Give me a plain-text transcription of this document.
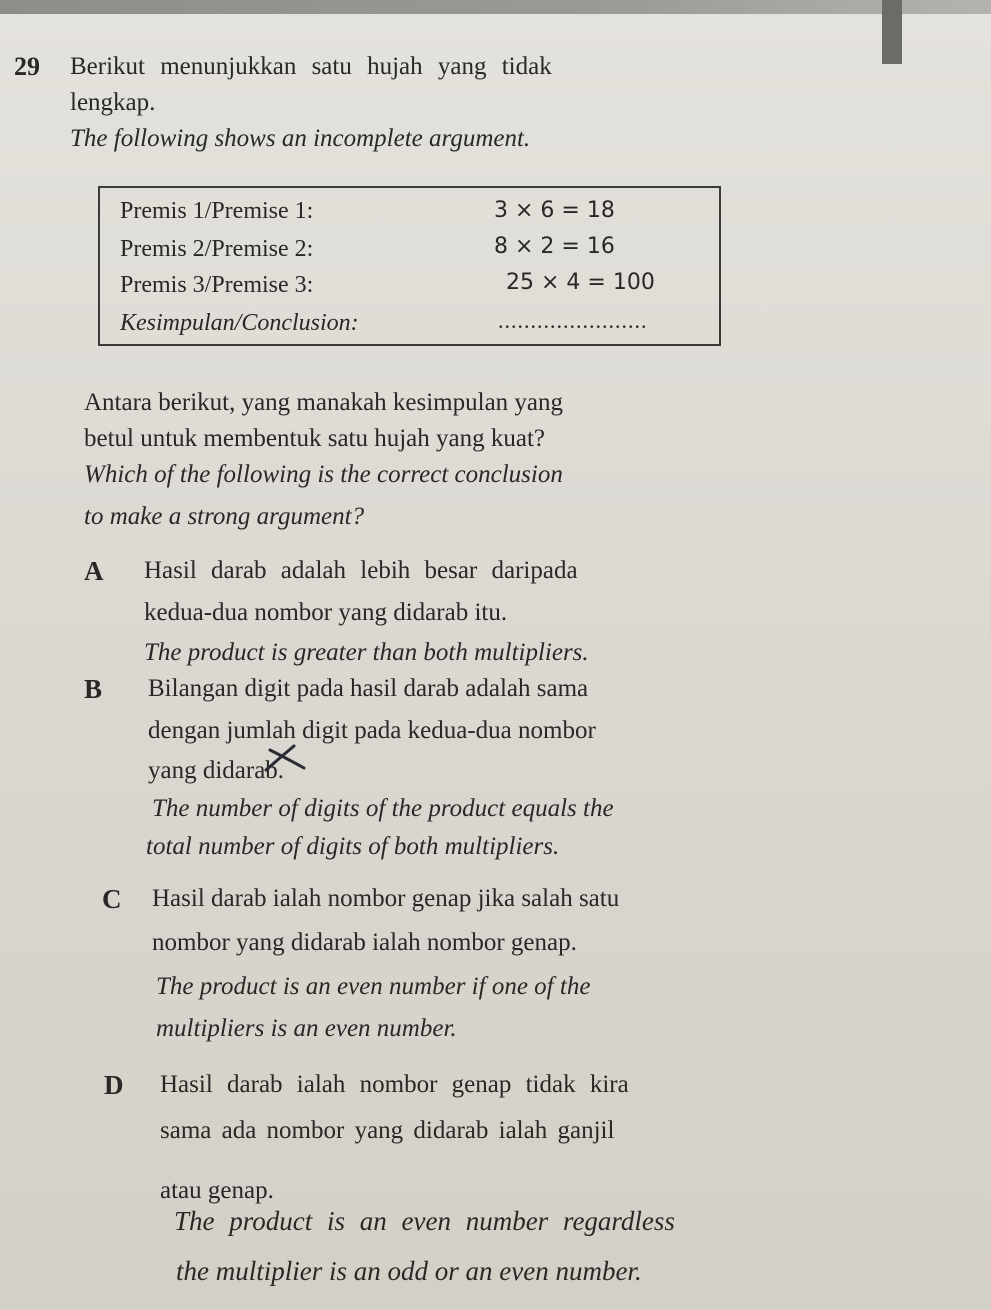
29 Berikut menunjukkan satu hujah yang tidak
lengkap.
The following shows an incomplete argument.
Premis 1/Premise 1:	3 × 6 = 18
Premis 2/Premise 2:	8 × 2 = 16
Premis 3/Premise 3:	25 × 4 = 100
Kesimpulan/Conclusion:	.......................
Antara berikut, yang manakah kesimpulan yang
betul untuk membentuk satu hujah yang kuat?
Which of the following is the correct conclusion
to make a strong argument?
A Hasil darab adalah lebih besar daripada
kedua-dua nombor yang didarab itu.
The product is greater than both multipliers.
B Bilangan digit pada hasil darab adalah sama
dengan jumlah digit pada kedua-dua nombor
yang didarab.
The number of digits of the product equals the
total number of digits of both multipliers.
C Hasil darab ialah nombor genap jika salah satu
nombor yang didarab ialah nombor genap.
The product is an even number if one of the
multipliers is an even number.
D Hasil darab ialah nombor genap tidak kira
sama ada nombor yang didarab ialah ganjil
atau genap.
The product is an even number regardless
the multiplier is an odd or an even number.
